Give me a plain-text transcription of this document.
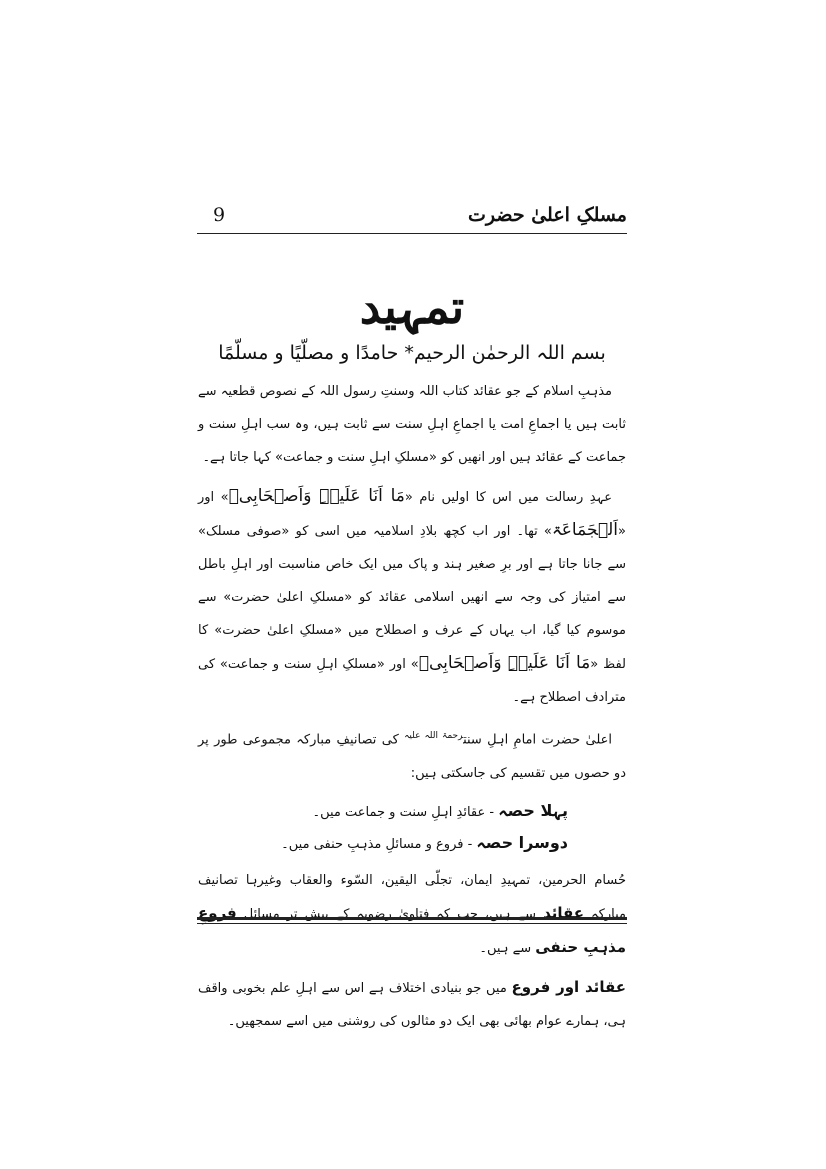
مسلکِ اعلیٰ حضرت
9
تمہید
بسم اللہ الرحمٰن الرحیم* حامدًا و مصلّیًا و مسلّمًا

مذہبِ اسلام کے جو عقائد کتاب اللہ وسنتِ رسول اللہ کے نصوص قطعیہ سے ثابت ہیں یا اجماعِ امت یا اجماعِ اہلِ سنت سے ثابت ہیں، وہ سب اہلِ سنت و جماعت کے عقائد ہیں اور انھیں کو «مسلکِ اہلِ سنت و جماعت» کہا جاتا ہے۔

عہدِ رسالت میں اس کا اولیں نام «مَا اَنَا عَلَیۡہِ وَاَصۡحَابِیۡ» اور «اَلۡجَمَاعَۃ» تھا۔ اور اب کچھ بلادِ اسلامیہ میں اسی کو «صوفی مسلک» سے جانا جاتا ہے اور برِ صغیر ہند و پاک میں ایک خاص مناسبت اور اہلِ باطل سے امتیاز کی وجہ سے انھیں اسلامی عقائد کو «مسلکِ اعلیٰ حضرت» سے موسوم کیا گیا، اب یہاں کے عرف و اصطلاح میں «مسلکِ اعلیٰ حضرت» کا لفظ «مَا اَنَا عَلَیۡہِ وَاَصۡحَابِیۡ» اور «مسلکِ اہلِ سنت و جماعت» کی مترادف اصطلاح ہے۔

اعلیٰ حضرت امامِ اہلِ سنت$^{رحمۃ اللہ علیہ}$ کی تصانیفِ مبارکہ مجموعی طور پر دو حصوں میں تقسیم کی جاسکتی ہیں:

پہلا حصہ - عقائدِ اہلِ سنت و جماعت میں۔
دوسرا حصہ - فروع و مسائلِ مذہبِ حنفی میں۔

حُسام الحرمین، تمہیدِ ایمان، تجلّی الیقین، السّوء والعقاب وغیرہا تصانیف مبارکہ عقائد سے ہیں، جب کہ فتاویٰ رضویہ کے بیش تر مسائل فروعِ مذہبِ حنفی سے ہیں۔

عقائد اور فروع میں جو بنیادی اختلاف ہے اس سے اہلِ علم بخوبی واقف ہی، ہمارے عوام بھائی بھی ایک دو مثالوں کی روشنی میں اسے سمجھیں۔
